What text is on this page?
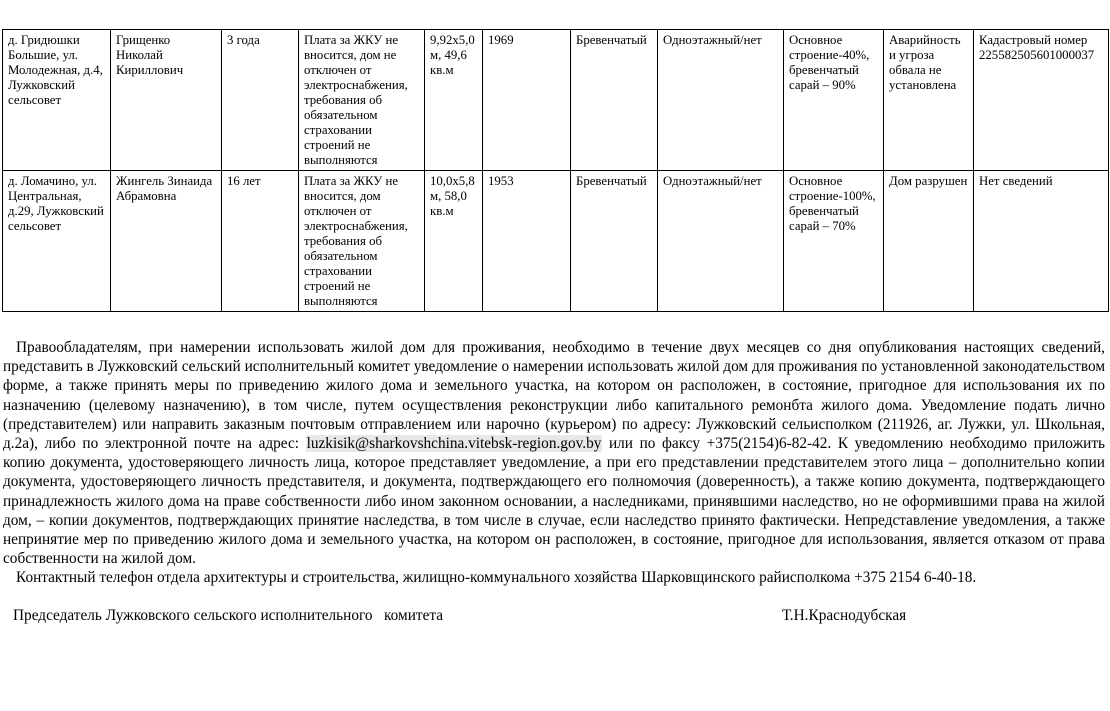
д. Гридюшки Большие, ул. Молодежная, д.4, Лужковский сельсовет	Грищенко Николай Кириллович	3 года	Плата за ЖКУ не вносится, дом не отключен от электроснабжения, требования об обязательном страховании строений не выполняются	9,92х5,0 м, 49,6 кв.м	1969	Бревенчатый	Одноэтажный/нет	Основное строение-40%, бревенчатый сарай – 90%	Аварийность и угроза обвала не установлена	Кадастровый номер 225582505601000037
д. Ломачино, ул. Центральная, д.29, Лужковский сельсовет	Жингель Зинаида Абрамовна	16 лет	Плата за ЖКУ не вносится, дом отключен от электроснабжения, требования об обязательном страховании строений не выполняются	10,0х5,8 м, 58,0 кв.м	1953	Бревенчатый	Одноэтажный/нет	Основное строение-100%, бревенчатый сарай – 70%	Дом разрушен	Нет сведений

Правообладателям, при намерении использовать жилой дом для проживания, необходимо в течение двух месяцев со дня опубликования настоящих сведений, представить в Лужковский сельский исполнительный комитет уведомление о намерении использовать жилой дом для проживания по установленной законодательством форме, а также принять меры по приведению жилого дома и земельного участка, на котором он расположен, в состояние, пригодное для использования их по назначению (целевому назначению), в том числе, путем осуществления реконструкции либо капитального ремонбта жилого дома. Уведомление подать лично (представителем) или направить заказным почтовым отправлением или нарочно (курьером) по адресу: Лужковский сельисполком (211926, аг. Лужки, ул. Школьная, д.2а), либо по электронной почте на адрес: luzkisik@sharkovshchina.vitebsk-region.gov.by или по факсу +375(2154)6-82-42. К уведомлению необходимо приложить копию документа, удостоверяющего личность лица, которое представляет уведомление, а при его представлении представителем этого лица – дополнительно копии документа, удостоверяющего личность представителя, и документа, подтверждающего его полномочия (доверенность), а также копию документа, подтверждающего принадлежность жилого дома на праве собственности либо ином законном основании, а наследниками, принявшими наследство, но не оформившими права на жилой дом, – копии документов, подтверждающих принятие наследства, в том числе в случае, если наследство принято фактически. Непредставление уведомления, а также непринятие мер по приведению жилого дома и земельного участка, на котором он расположен, в состояние, пригодное для использования, является отказом от права собственности на жилой дом.

Контактный телефон отдела архитектуры и строительства, жилищно-коммунального хозяйства Шарковщинского райисполкома +375 2154 6-40-18.

Председатель Лужковского сельского исполнительного   комитета	Т.Н.Краснодубская
